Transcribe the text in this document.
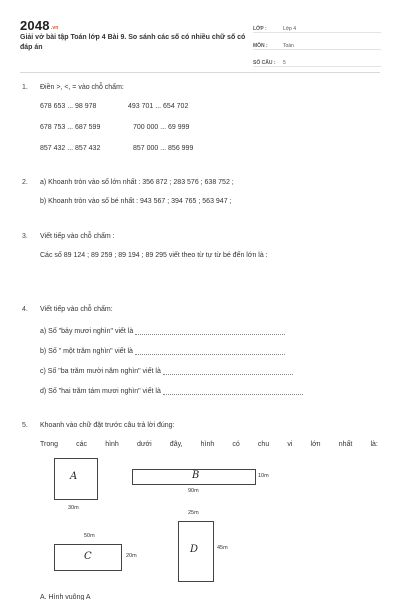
2048.vn
Giải vở bài tập Toán lớp 4 Bài 9. So sánh các số có nhiều chữ số có đáp án
LỚP :	Lớp 4
MÔN :	Toán
SỐ CÂU :	5
1. Điền >, <, = vào chỗ chấm:
678 653 ... 98 978	493 701 ... 654 702
678 753 ... 687 599	700 000 ... 69 999
857 432 ... 857 432	857 000 ... 856 999
2. a) Khoanh tròn vào số lớn nhất : 356 872 ; 283 576 ; 638 752 ;
b) Khoanh tròn vào số bé nhất : 943 567 ; 394 765 ; 563 947 ;
3. Viết tiếp vào chỗ chấm :
Các số 89 124 ; 89 259 ; 89 194 ; 89 295 viết theo từ tự từ bé đến lớn là :
4. Viết tiếp vào chỗ chấm:
a) Số "bảy mươi nghìn" viết là
b) Số " một trăm nghìn" viết là
c) Số "ba trăm mười năm nghìn" viết là
d) Số "hai trăm tám mươi nghìn" viết là
5. Khoanh vào chữ đặt trước câu trả lời đúng:
Trong	các	hình	dưới	đây,	hình	có	chu	vi	lớn	nhất	là:
A
30m
B	10m
90m
50m
C	20m
25m
D	45m
A. Hình vuông A
